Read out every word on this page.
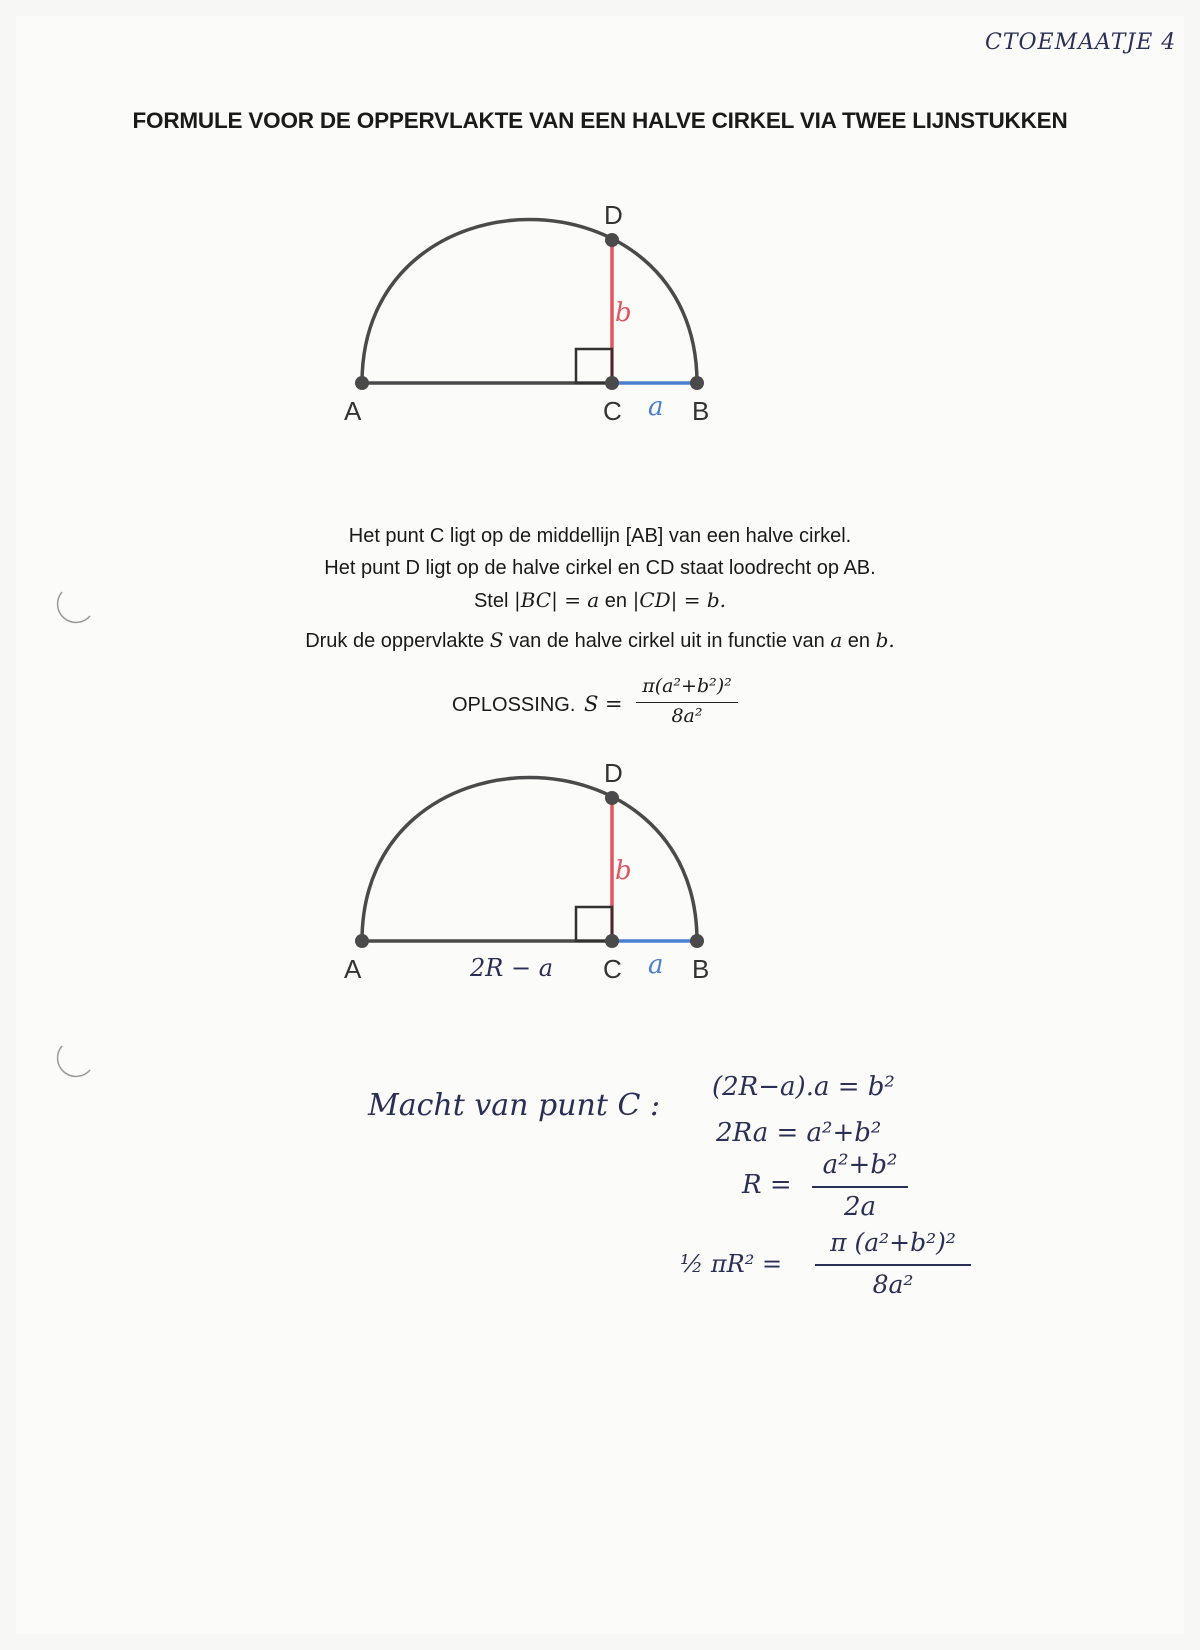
CTOEMAATJE 4
FORMULE VOOR DE OPPERVLAKTE VAN EEN HALVE CIRKEL VIA TWEE LIJNSTUKKEN
A	C	B
D
a
b
Het punt C ligt op de middellijn [AB] van een halve cirkel.
Het punt D ligt op de halve cirkel en CD staat loodrecht op AB.
Stel |BC| = a en |CD| = b.
Druk de oppervlakte S van de halve cirkel uit in functie van a en b.
OPLOSSING. S =
π(a²+b²)²
8a²
A	C	B
D
a
b
2R − a
Macht van punt C :
(2R−a).a = b²
2Ra = a²+b²
R =
a²+b²
2a
½ πR² =
π (a²+b²)²
8a²
